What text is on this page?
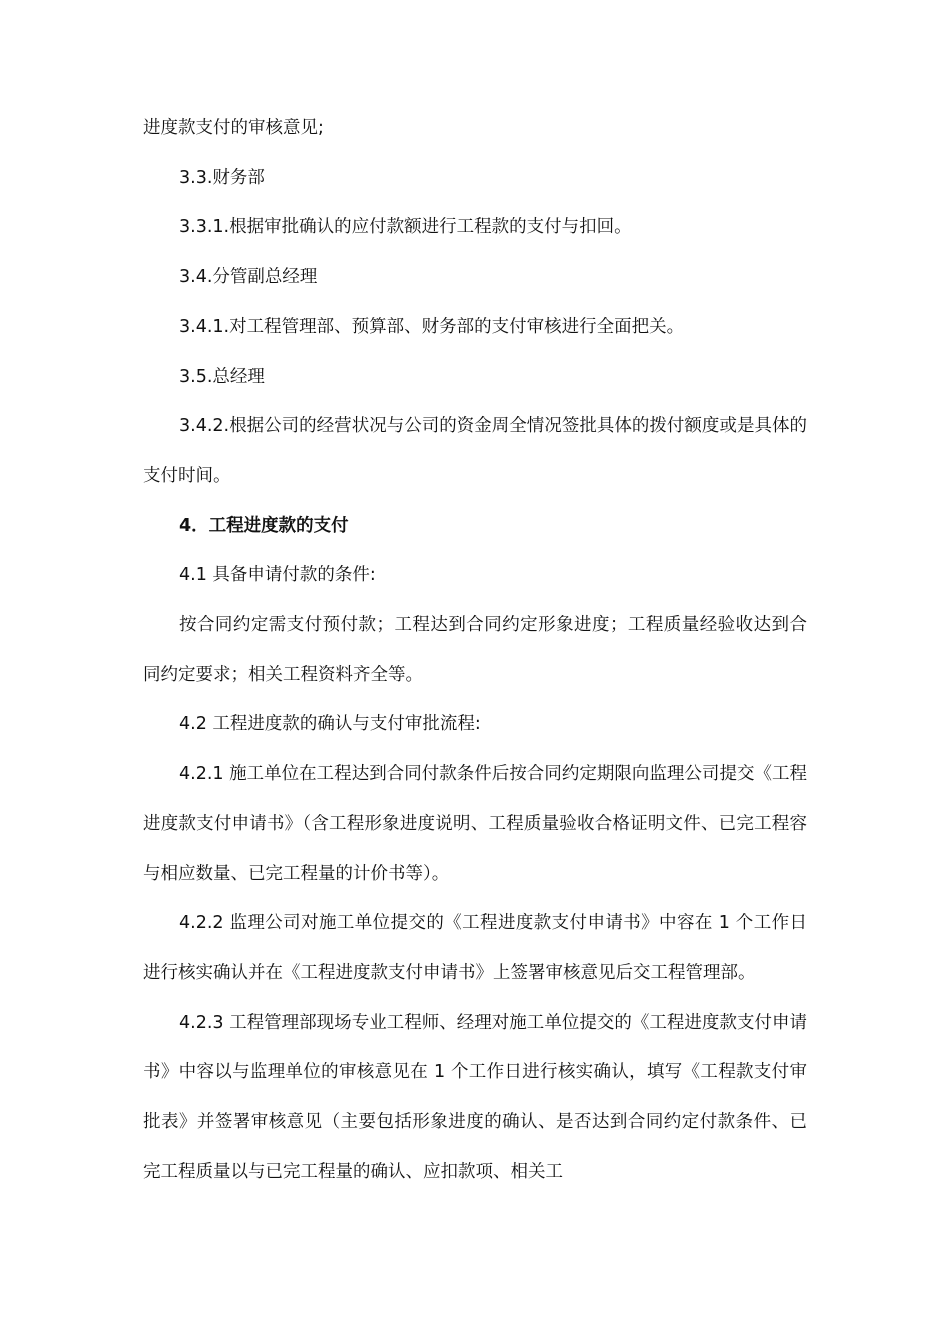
进度款支付的审核意见;

3.3.财务部

3.3.1.根据审批确认的应付款额进行工程款的支付与扣回。

3.4.分管副总经理

3.4.1.对工程管理部、预算部、财务部的支付审核进行全面把关。

3.5.总经理

3.4.2.根据公司的经营状况与公司的资金周全情况签批具体的拨付额度或是具体的支付时间。

4．工程进度款的支付

4.1 具备申请付款的条件:

按合同约定需支付预付款；工程达到合同约定形象进度；工程质量经验收达到合同约定要求；相关工程资料齐全等。

4.2 工程进度款的确认与支付审批流程:

4.2.1 施工单位在工程达到合同付款条件后按合同约定期限向监理公司提交《工程进度款支付申请书》（含工程形象进度说明、工程质量验收合格证明文件、已完工程容与相应数量、已完工程量的计价书等）。

4.2.2 监理公司对施工单位提交的《工程进度款支付申请书》中容在 1 个工作日进行核实确认并在《工程进度款支付申请书》上签署审核意见后交工程管理部。

4.2.3 工程管理部现场专业工程师、经理对施工单位提交的《工程进度款支付申请书》中容以与监理单位的审核意见在 1 个工作日进行核实确认，填写《工程款支付审批表》并签署审核意见（主要包括形象进度的确认、是否达到合同约定付款条件、已完工程质量以与已完工程量的确认、应扣款项、相关工
